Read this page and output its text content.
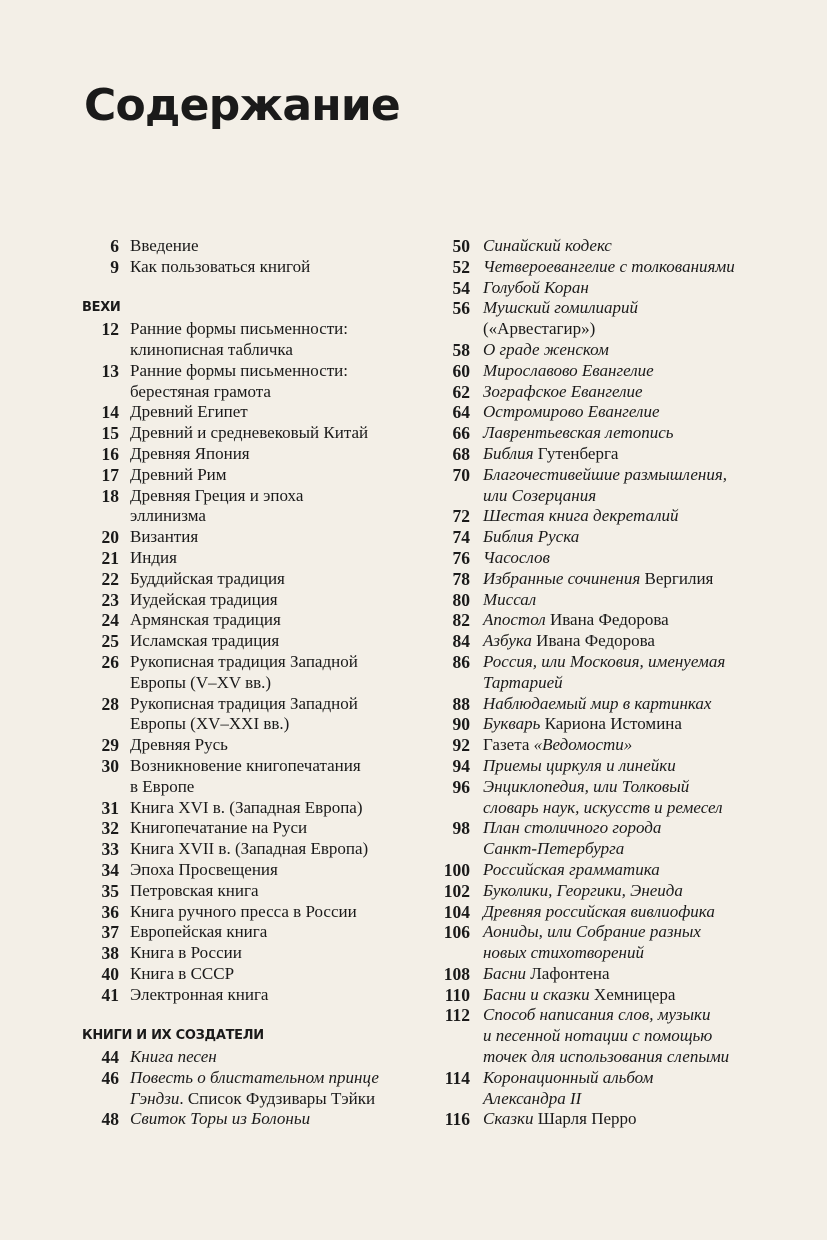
Содержание
6 Введение
9 Как пользоваться книгой
ВЕХИ
12 Ранние формы письменности:
клинописная табличка
13 Ранние формы письменности:
берестяная грамота
14 Древний Египет
15 Древний и средневековый Китай
16 Древняя Япония
17 Древний Рим
18 Древняя Греция и эпоха
эллинизма
20 Византия
21 Индия
22 Буддийская традиция
23 Иудейская традиция
24 Армянская традиция
25 Исламская традиция
26 Рукописная традиция Западной
Европы (V–XV вв.)
28 Рукописная традиция Западной
Европы (XV–XXI вв.)
29 Древняя Русь
30 Возникновение книгопечатания
в Европе
31 Книга XVI в. (Западная Европа)
32 Книгопечатание на Руси
33 Книга XVII в. (Западная Европа)
34 Эпоха Просвещения
35 Петровская книга
36 Книга ручного пресса в России
37 Европейская книга
38 Книга в России
40 Книга в СССР
41 Электронная книга
КНИГИ И ИХ СОЗДАТЕЛИ
44 Книга песен
46 Повесть о блистательном принце
Гэндзи. Список Фудзивары Тэйки
48 Свиток Торы из Болоньи
50 Синайский кодекс
52 Четвероевангелие с толкованиями
54 Голубой Коран
56 Мушский гомилиарий
(«Арвестагир»)
58 О граде женском
60 Мирославово Евангелие
62 Зографское Евангелие
64 Остромирово Евангелие
66 Лаврентьевская летопись
68 Библия Гутенберга
70 Благочестивейшие размышления,
или Созерцания
72 Шестая книга декреталий
74 Библия Руска
76 Часослов
78 Избранные сочинения Вергилия
80 Миссал
82 Апостол Ивана Федорова
84 Азбука Ивана Федорова
86 Россия, или Московия, именуемая
Тартарией
88 Наблюдаемый мир в картинках
90 Букварь Кариона Истомина
92 Газета «Ведомости»
94 Приемы циркуля и линейки
96 Энциклопедия, или Толковый
словарь наук, искусств и ремесел
98 План столичного города
Санкт-Петербурга
100 Российская грамматика
102 Буколики, Георгики, Энеида
104 Древняя российская вивлиофика
106 Аониды, или Собрание разных
новых стихотворений
108 Басни Лафонтена
110 Басни и сказки Хемницера
112 Способ написания слов, музыки
и песенной нотации с помощью
точек для использования слепыми
114 Коронационный альбом
Александра II
116 Сказки Шарля Перро
